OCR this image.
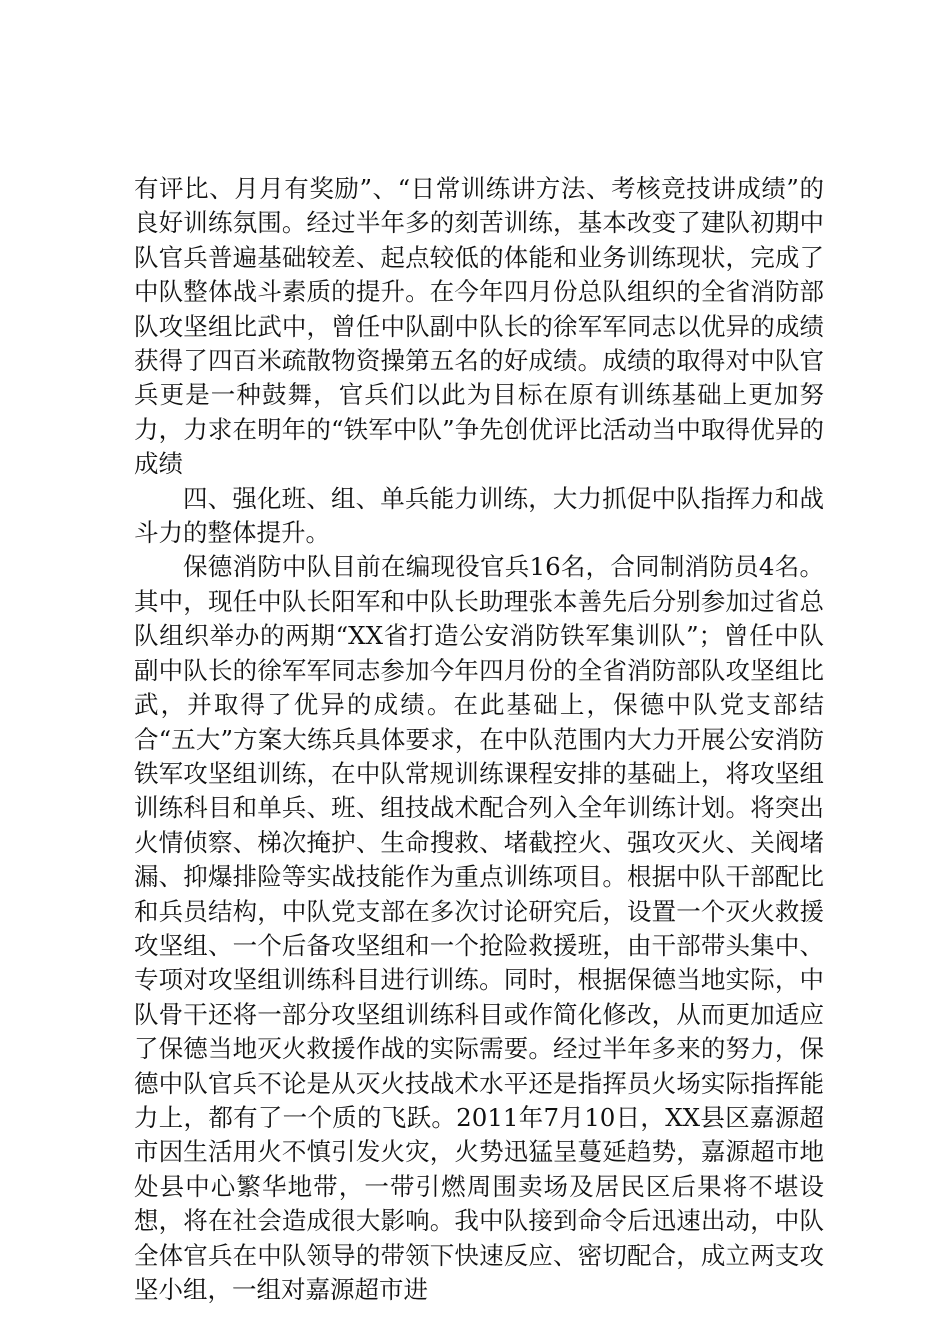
有评比、月月有奖励”、“日常训练讲方法、考核竞技讲成绩”的良好训练氛围。经过半年多的刻苦训练，基本改变了建队初期中队官兵普遍基础较差、起点较低的体能和业务训练现状，完成了中队整体战斗素质的提升。在今年四月份总队组织的全省消防部队攻坚组比武中，曾任中队副中队长的徐军军同志以优异的成绩获得了四百米疏散物资操第五名的好成绩。成绩的取得对中队官兵更是一种鼓舞，官兵们以此为目标在原有训练基础上更加努力，力求在明年的“铁军中队”争先创优评比活动当中取得优异的成绩

四、强化班、组、单兵能力训练，大力抓促中队指挥力和战斗力的整体提升。

保德消防中队目前在编现役官兵16名，合同制消防员4名。其中，现任中队长阳军和中队长助理张本善先后分别参加过省总队组织举办的两期“XX省打造公安消防铁军集训队”；曾任中队副中队长的徐军军同志参加今年四月份的全省消防部队攻坚组比武，并取得了优异的成绩。在此基础上，保德中队党支部结合“五大”方案大练兵具体要求，在中队范围内大力开展公安消防铁军攻坚组训练，在中队常规训练课程安排的基础上，将攻坚组训练科目和单兵、班、组技战术配合列入全年训练计划。将突出火情侦察、梯次掩护、生命搜救、堵截控火、强攻灭火、关阀堵漏、抑爆排险等实战技能作为重点训练项目。根据中队干部配比和兵员结构，中队党支部在多次讨论研究后，设置一个灭火救援攻坚组、一个后备攻坚组和一个抢险救援班，由干部带头集中、专项对攻坚组训练科目进行训练。同时，根据保德当地实际，中队骨干还将一部分攻坚组训练科目或作简化修改，从而更加适应了保德当地灭火救援作战的实际需要。经过半年多来的努力，保德中队官兵不论是从灭火技战术水平还是指挥员火场实际指挥能力上，都有了一个质的飞跃。2011年7月10日，XX县区嘉源超市因生活用火不慎引发火灾，火势迅猛呈蔓延趋势，嘉源超市地处县中心繁华地带，一带引燃周围卖场及居民区后果将不堪设想，将在社会造成很大影响。我中队接到命令后迅速出动，中队全体官兵在中队领导的带领下快速反应、密切配合，成立两支攻坚小组，一组对嘉源超市进
